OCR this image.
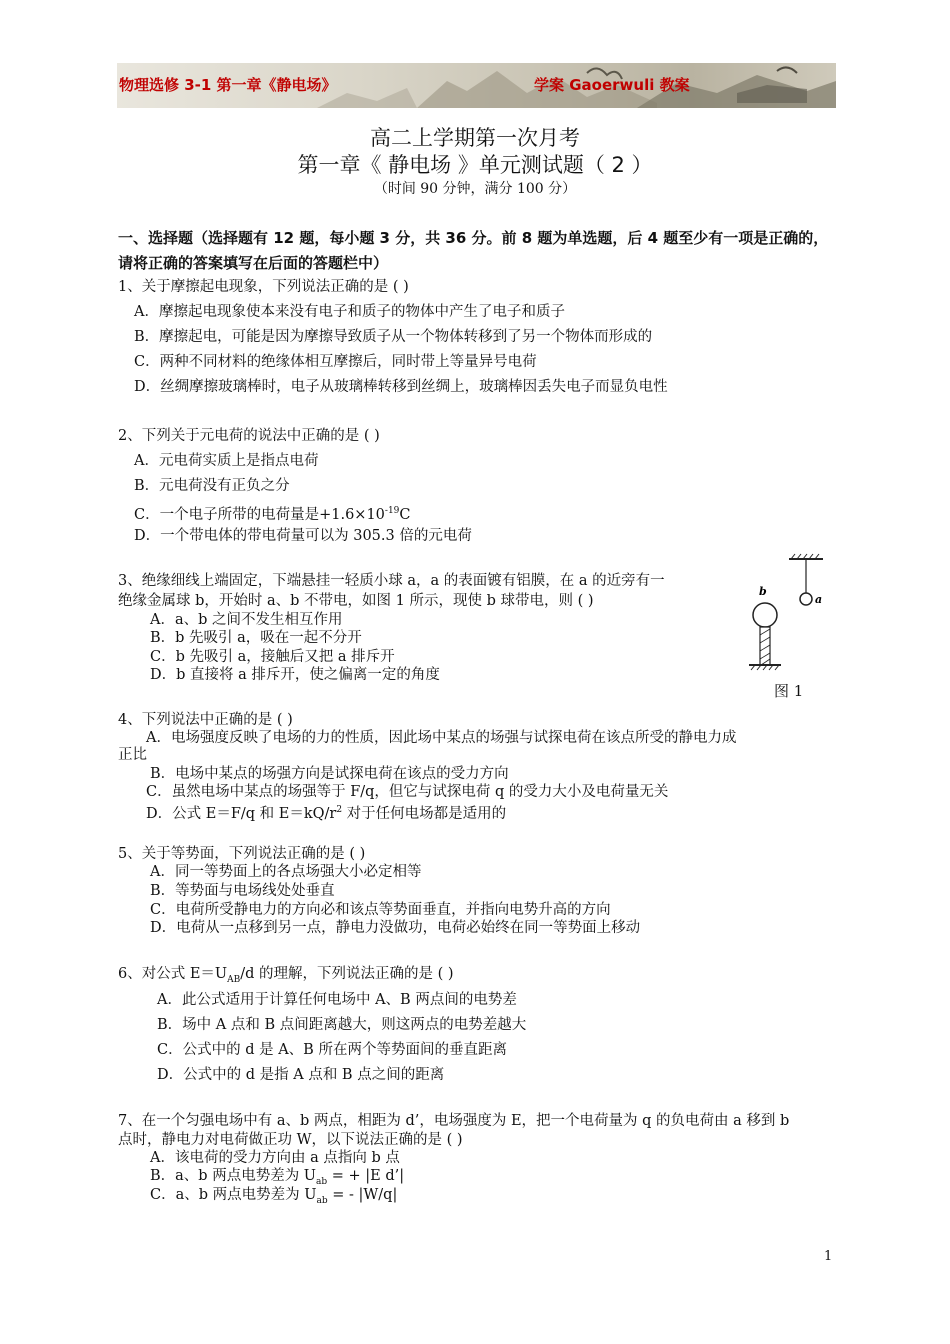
物理选修 3-1 第一章《静电场》	学案 Gaoerwuli 教案
高二上学期第一次月考
第一章《 静电场 》单元测试题（ 2 ）
（时间 90 分钟，满分 100 分）
一、选择题（选择题有 12 题，每小题 3 分，共 36 分。前 8 题为单选题，后 4 题至少有一项是正确的，请将正确的答案填写在后面的答题栏中）
1、关于摩擦起电现象，下列说法正确的是 ( )
A．摩擦起电现象使本来没有电子和质子的物体中产生了电子和质子
B．摩擦起电，可能是因为摩擦导致质子从一个物体转移到了另一个物体而形成的
C．两种不同材料的绝缘体相互摩擦后，同时带上等量异号电荷
D．丝绸摩擦玻璃棒时，电子从玻璃棒转移到丝绸上，玻璃棒因丢失电子而显负电性
2、下列关于元电荷的说法中正确的是 ( )
A．元电荷实质上是指点电荷
B．元电荷没有正负之分
C．一个电子所带的电荷量是$+1.6\times 10^{-19}C$
D．一个带电体的带电荷量可以为 305.3 倍的元电荷
3、绝缘细线上端固定，下端悬挂一轻质小球 a，a 的表面镀有铝膜，在 a 的近旁有一
绝缘金属球 b，开始时 a、b 不带电，如图 1 所示，现使 b 球带电，则 ( )
A．a、b 之间不发生相互作用
B．b 先吸引 a，吸在一起不分开
C．b 先吸引 a，接触后又把 a 排斥开
D．b 直接将 a 排斥开，使之偏离一定的角度
a
b
图 1
4、下列说法中正确的是 ( )
A．电场强度反映了电场的力的性质，因此场中某点的场强与试探电荷在该点所受的静电力成
正比
B．电场中某点的场强方向是试探电荷在该点的受力方向
C．虽然电场中某点的场强等于 F/q，但它与试探电荷 q 的受力大小及电荷量无关
D．公式 E＝F/q 和 $E=kQ/r^2$ 对于任何电场都是适用的
5、关于等势面，下列说法正确的是 ( )
A．同一等势面上的各点场强大小必定相等
B．等势面与电场线处处垂直
C．电荷所受静电力的方向必和该点等势面垂直，并指向电势升高的方向
D．电荷从一点移到另一点，静电力没做功，电荷必始终在同一等势面上移动
6、对公式 $E=U_{AB}/d$ 的理解，下列说法正确的是 ( )
A．此公式适用于计算任何电场中 A、B 两点间的电势差
B．场中 A 点和 B 点间距离越大，则这两点的电势差越大
C．公式中的 d 是 A、B 所在两个等势面间的垂直距离
D．公式中的 d 是指 A 点和 B 点之间的距离
7、在一个匀强电场中有 a、b 两点，相距为 d’，电场强度为 E，把一个电荷量为 q 的负电荷由 a 移到 b
点时，静电力对电荷做正功 W，以下说法正确的是 ( )
A．该电荷的受力方向由 a 点指向 b 点
B．a、b 两点电势差为 $U_{ab}$ = + |E d’|
C．a、b 两点电势差为 $U_{ab}$ = - |W/q|
1
